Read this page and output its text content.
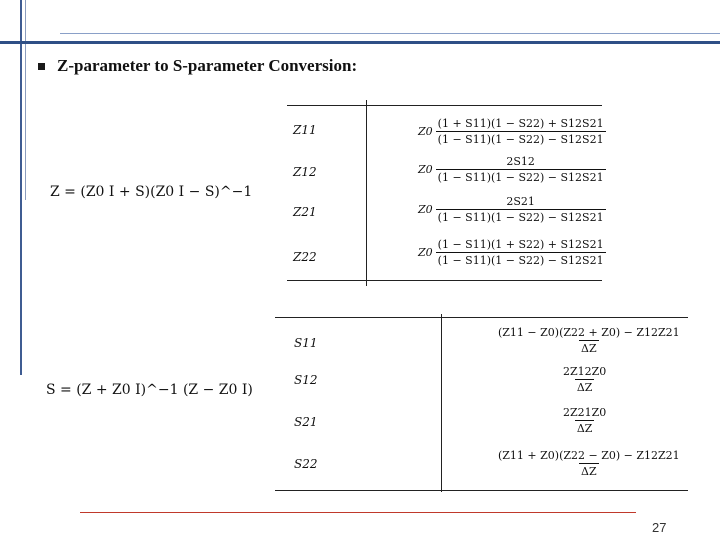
Z-parameter to S-parameter Conversion:
Z = (Z0 I + S)(Z0 I − S)^−1
S = (Z + Z0 I)^−1 (Z − Z0 I)
Z11
Z12
Z21
Z22
$Z0 \frac{(1 + S11)(1 - S22) + S12S21}{(1 - S11)(1 - S22) - S12S21}$
$Z0 \frac{2S12}{(1 - S11)(1 - S22) - S12S21}$
$Z0 \frac{2S21}{(1 - S11)(1 - S22) - S12S21}$
$Z0 \frac{(1 - S11)(1 + S22) + S12S21}{(1 - S11)(1 - S22) - S12S21}$
S11
S12
S21
S22
$\frac{(Z11 - Z0)(Z22 + Z0) - Z12Z21}{\Delta Z}$
$\frac{2Z12Z0}{\Delta Z}$
$\frac{2Z21Z0}{\Delta Z}$
$\frac{(Z11 + Z0)(Z22 - Z0) - Z12Z21}{\Delta Z}$
27
